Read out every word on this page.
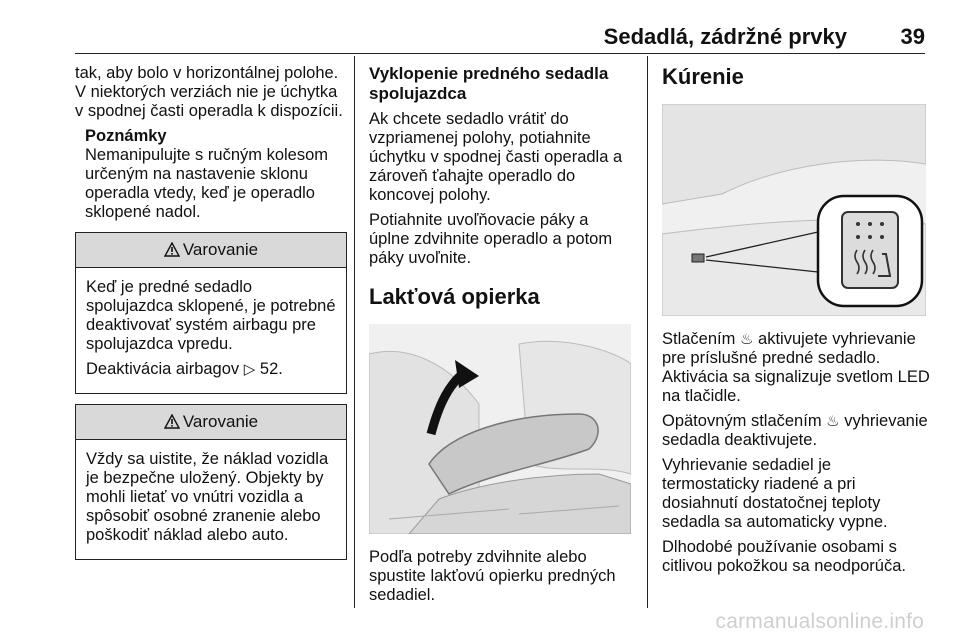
Sedadlá, zádržné prvky 39

tak, aby bolo v horizontálnej polohe. V niektorých verziách nie je úchytka v spodnej časti operadla k dispozícii.

Poznámky
Nemanipulujte s ručným kolesom určeným na nastavenie sklonu operadla vtedy, keď je operadlo sklopené nadol.
Varovanie

Keď je predné sedadlo spolujazdca sklopené, je potrebné deaktivovať systém airbagu pre spolujazdca vpredu.

Deaktivácia airbagov ▷ 52.

Varovanie

Vždy sa uistite, že náklad vozidla je bezpečne uložený. Objekty by mohli lietať vo vnútri vozidla a spôsobiť osobné zranenie alebo poškodiť náklad alebo auto.

Vyklopenie predného sedadla spolujazdca

Ak chcete sedadlo vrátiť do vzpriamenej polohy, potiahnite úchytku v spodnej časti operadla a zároveň ťahajte operadlo do koncovej polohy.

Potiahnite uvoľňovacie páky a úplne zdvihnite operadlo a potom páky uvoľnite.

Lakťová opierka

Podľa potreby zdvihnite alebo spustite lakťovú opierku predných sedadiel.

Kúrenie

Stlačením ♨ aktivujete vyhrievanie pre príslušné predné sedadlo. Aktivácia sa signalizuje svetlom LED na tlačidle.

Opätovným stlačením ♨ vyhrievanie sedadla deaktivujete.

Vyhrievanie sedadiel je termostaticky riadené a pri dosiahnutí dostatočnej teploty sedadla sa automaticky vypne.

Dlhodobé používanie osobami s citlivou pokožkou sa neodporúča.

carmanualsonline.info
